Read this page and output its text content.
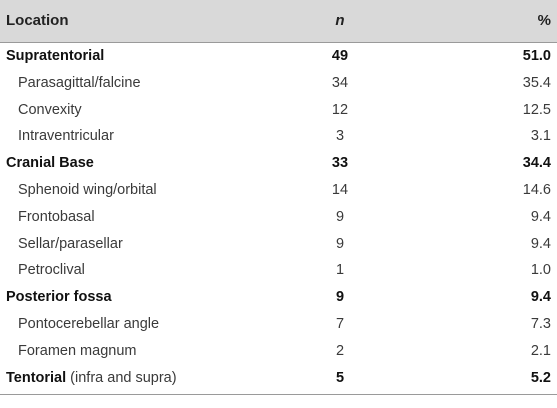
Location	n	%
Supratentorial	49	51.0
Parasagittal/falcine	34	35.4
Convexity	12	12.5
Intraventricular	3	3.1
Cranial Base	33	34.4
Sphenoid wing/orbital	14	14.6
Frontobasal	9	9.4
Sellar/parasellar	9	9.4
Petroclival	1	1.0
Posterior fossa	9	9.4
Pontocerebellar angle	7	7.3
Foramen magnum	2	2.1
Tentorial (infra and supra)	5	5.2
